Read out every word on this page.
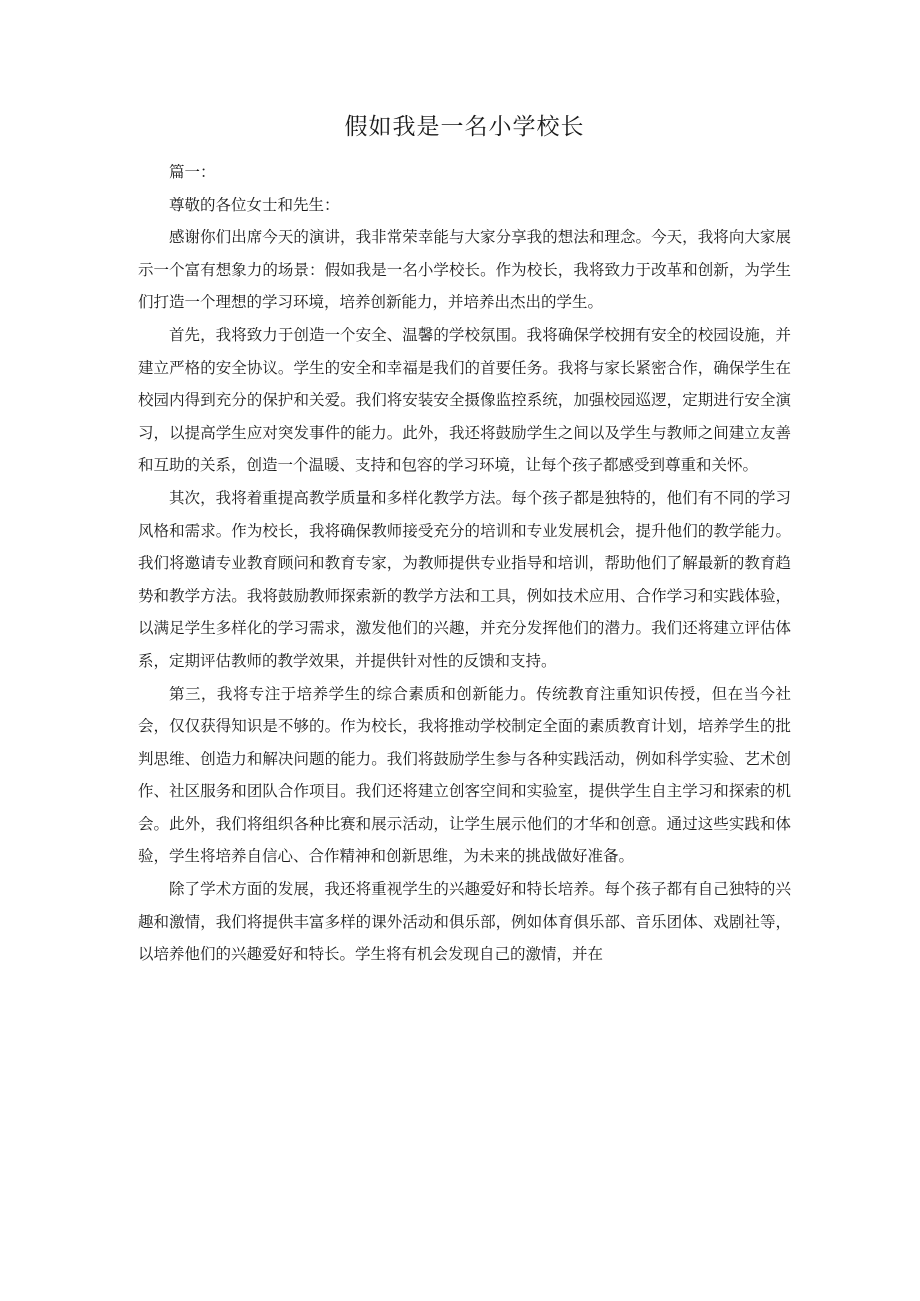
假如我是一名小学校长

篇一：

尊敬的各位女士和先生：

感谢你们出席今天的演讲，我非常荣幸能与大家分享我的想法和理念。今天，我将向大家展示一个富有想象力的场景：假如我是一名小学校长。作为校长，我将致力于改革和创新，为学生们打造一个理想的学习环境，培养创新能力，并培养出杰出的学生。

首先，我将致力于创造一个安全、温馨的学校氛围。我将确保学校拥有安全的校园设施，并建立严格的安全协议。学生的安全和幸福是我们的首要任务。我将与家长紧密合作，确保学生在校园内得到充分的保护和关爱。我们将安装安全摄像监控系统，加强校园巡逻，定期进行安全演习，以提高学生应对突发事件的能力。此外，我还将鼓励学生之间以及学生与教师之间建立友善和互助的关系，创造一个温暖、支持和包容的学习环境，让每个孩子都感受到尊重和关怀。

其次，我将着重提高教学质量和多样化教学方法。每个孩子都是独特的，他们有不同的学习风格和需求。作为校长，我将确保教师接受充分的培训和专业发展机会，提升他们的教学能力。我们将邀请专业教育顾问和教育专家，为教师提供专业指导和培训，帮助他们了解最新的教育趋势和教学方法。我将鼓励教师探索新的教学方法和工具，例如技术应用、合作学习和实践体验，以满足学生多样化的学习需求，激发他们的兴趣，并充分发挥他们的潜力。我们还将建立评估体系，定期评估教师的教学效果，并提供针对性的反馈和支持。

第三，我将专注于培养学生的综合素质和创新能力。传统教育注重知识传授，但在当今社会，仅仅获得知识是不够的。作为校长，我将推动学校制定全面的素质教育计划，培养学生的批判思维、创造力和解决问题的能力。我们将鼓励学生参与各种实践活动，例如科学实验、艺术创作、社区服务和团队合作项目。我们还将建立创客空间和实验室，提供学生自主学习和探索的机会。此外，我们将组织各种比赛和展示活动，让学生展示他们的才华和创意。通过这些实践和体验，学生将培养自信心、合作精神和创新思维，为未来的挑战做好准备。

除了学术方面的发展，我还将重视学生的兴趣爱好和特长培养。每个孩子都有自己独特的兴趣和激情，我们将提供丰富多样的课外活动和俱乐部，例如体育俱乐部、音乐团体、戏剧社等，以培养他们的兴趣爱好和特长。学生将有机会发现自己的激情，并在
